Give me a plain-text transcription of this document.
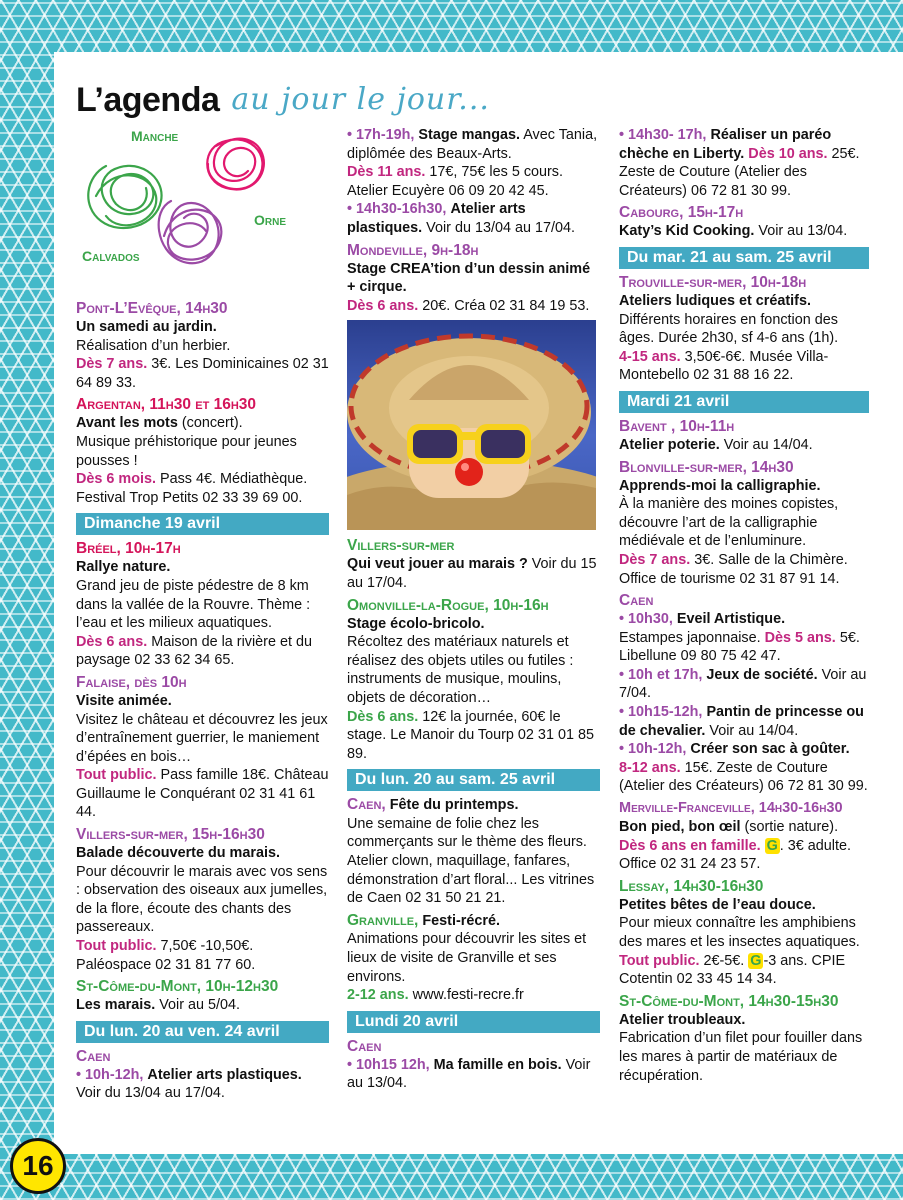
L’agenda au jour le jour...
Manche
Orne
Calvados

Pont-L’Evêque, 14h30

Un samedi au jardin.

Réalisation d’un herbier.

Dès 7 ans. 3€. Les Dominicaines 02 31 64 89 33.

Argentan, 11h30 et 16h30

Avant les mots (concert).

Musique préhistorique pour jeunes pousses !

Dès 6 mois. Pass 4€. Médiathèque. Festival Trop Petits 02 33 39 69 00.

Dimanche 19 avril

Bréel, 10h-17h

Rallye nature.

Grand jeu de piste pédestre de 8 km dans la vallée de la Rouvre. Thème : l’eau et les milieux aquatiques.

Dès 6 ans. Maison de la rivière et du paysage 02 33 62 34 65.

Falaise, dès 10h

Visite animée.

Visitez le château et découvrez les jeux d’entraînement guerrier, le maniement d’épées en bois…

Tout public. Pass famille 18€. Château Guillaume le Conquérant 02 31 41 61 44.

Villers-sur-mer, 15h-16h30

Balade découverte du marais.

Pour découvrir le marais avec vos sens : observation des oiseaux aux jumelles, de la flore, écoute des chants des passereaux.

Tout public. 7,50€ -10,50€. Paléospace 02 31 81 77 60.

St-Côme-du-Mont, 10h-12h30

Les marais. Voir au 5/04.

Du lun. 20 au ven. 24 avril

Caen

• 10h-12h, Atelier arts plastiques. Voir du 13/04 au 17/04.

• 17h-19h, Stage mangas. Avec Tania, diplômée des Beaux-Arts.

Dès 11 ans. 17€, 75€ les 5 cours. Atelier Ecuyère 06 09 20 42 45.

• 14h30-16h30, Atelier arts plastiques. Voir du 13/04 au 17/04.

Mondeville, 9h-18h

Stage CREA’tion d’un dessin animé + cirque.

Dès 6 ans. 20€. Créa 02 31 84 19 53.

Villers-sur-mer

Qui veut jouer au marais ? Voir du 15 au 17/04.

Omonville-la-Rogue, 10h-16h

Stage écolo-bricolo.

Récoltez des matériaux naturels et réalisez des objets utiles ou futiles : instruments de musique, moulins, objets de décoration…

Dès 6 ans. 12€ la journée, 60€ le stage. Le Manoir du Tourp 02 31 01 85 89.

Du lun. 20 au sam. 25 avril

Caen, Fête du printemps.

Une semaine de folie chez les commerçants sur le thème des fleurs. Atelier clown, maquillage, fanfares, démonstration d’art floral... Les vitrines de Caen 02 31 50 21 21.

Granville, Festi-récré.

Animations pour découvrir les sites et lieux de visite de Granville et ses environs.

2-12 ans. www.festi-recre.fr

Lundi 20 avril

Caen

• 10h15 12h, Ma famille en bois. Voir au 13/04.

• 14h30- 17h, Réaliser un paréo chèche en Liberty. Dès 10 ans. 25€. Zeste de Couture (Atelier des Créateurs) 06 72 81 30 99.

Cabourg, 15h-17h

Katy’s Kid Cooking. Voir au 13/04.

Du mar. 21 au sam. 25 avril

Trouville-sur-mer, 10h-18h

Ateliers ludiques et créatifs.

Différents horaires en fonction des âges. Durée 2h30, sf 4-6 ans (1h).

4-15 ans. 3,50€-6€. Musée Villa-Montebello 02 31 88 16 22.

Mardi 21 avril

Bavent , 10h-11h

Atelier poterie. Voir au 14/04.

Blonville-sur-mer, 14h30

Apprends-moi la calligraphie.

À la manière des moines copistes, découvre l’art de la calligraphie médiévale et de l’enluminure.

Dès 7 ans. 3€. Salle de la Chimère. Office de tourisme 02 31 87 91 14.

Caen

• 10h30, Eveil Artistique.

Estampes japonnaise. Dès 5 ans. 5€. Libellune 09 80 75 42 47.

• 10h et 17h, Jeux de société. Voir au 7/04.

• 10h15-12h, Pantin de princesse ou de chevalier. Voir au 14/04.

• 10h-12h, Créer son sac à goûter.

8-12 ans. 15€. Zeste de Couture (Atelier des Créateurs) 06 72 81 30 99.

Merville-Franceville, 14h30-16h30

Bon pied, bon œil (sortie nature).

Dès 6 ans en famille. G . 3€ adulte. Office 02 31 24 23 57.

Lessay, 14h30-16h30

Petites bêtes de l’eau douce.

Pour mieux connaître les amphibiens des mares et les insectes aquatiques.

Tout public. 2€-5€. G -3 ans. CPIE Cotentin 02 33 45 14 34.

St-Côme-du-Mont, 14h30-15h30

Atelier troubleaux.

Fabrication d’un filet pour fouiller dans les mares à partir de matériaux de récupération.

16
